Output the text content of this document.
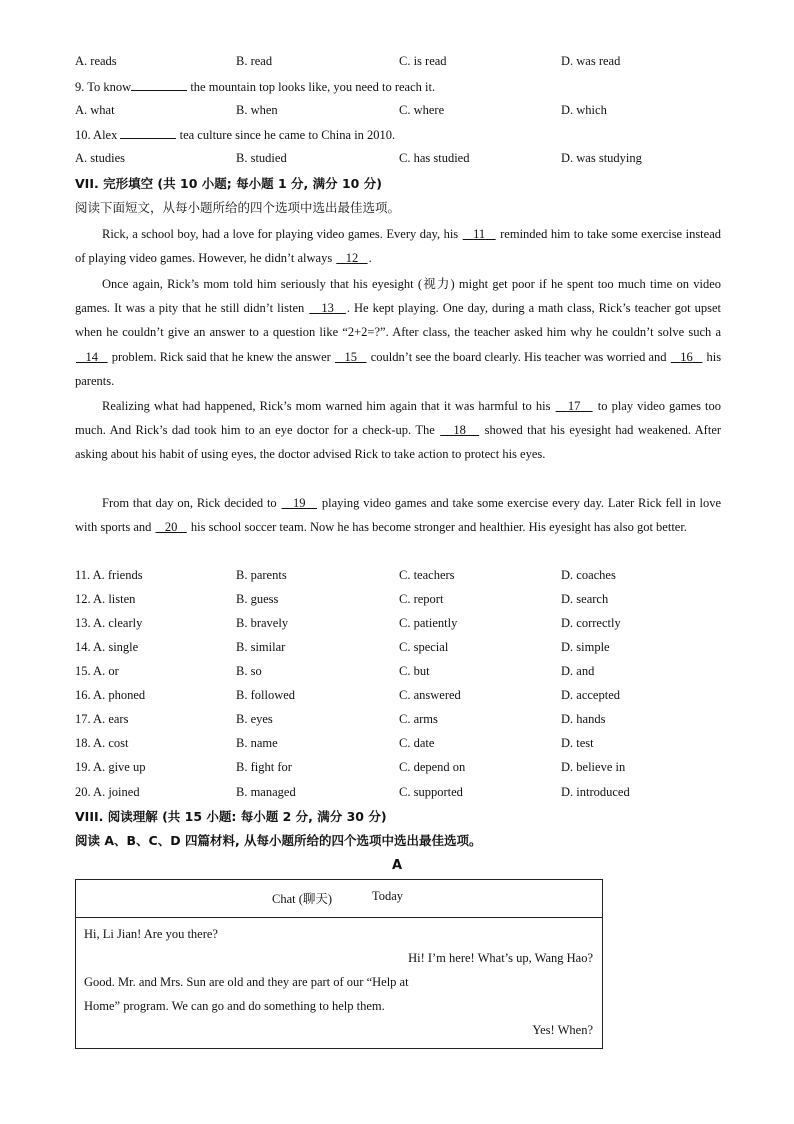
A. reads	B. read	C. is read	D. was read
9. To know	the mountain top looks like, you need to reach it.
A. what	B. when	C. where	D. which
10. Alex	tea culture since he came to China in 2010.
A. studies	B. studied	C. has studied	D. was studying
VII. 完形填空 (共 10 小题; 每小题 1 分, 满分 10 分)
阅读下面短文，从每小题所给的四个选项中选出最佳选项。
Rick, a school boy, had a love for playing video games. Every day, his 11 reminded him to take some exercise instead of playing video games. However, he didn’t always 12 .
Once again, Rick’s mom told him seriously that his eyesight (视力) might get poor if he spent too much time on video games. It was a pity that he still didn’t listen 13 . He kept playing. One day, during a math class, Rick’s teacher got upset when he couldn’t give an answer to a question like “2+2=?”. After class, the teacher asked him why he couldn’t solve such a    14 problem. Rick said that he knew the answer 15 couldn’t see the board clearly. His teacher was worried and 16 his parents.
Realizing what had happened, Rick’s mom warned him again that it was harmful to his 17 to play video games too much. And Rick’s dad took him to an eye doctor for a check-up. The 18 showed that his eyesight had weakened. After asking about his habit of using eyes, the doctor advised Rick to take action to protect his eyes.
From that day on, Rick decided to 19 playing video games and take some exercise every day. Later Rick fell in love with sports and 20 his school soccer team. Now he has become stronger and healthier. His eyesight has also got better.
11. A. friends	B. parents	C. teachers	D. coaches
12. A. listen	B. guess	C. report	D. search
13. A. clearly	B. bravely	C. patiently	D. correctly
14. A. single	B. similar	C. special	D. simple
15. A. or	B. so	C. but	D. and
16. A. phoned	B. followed	C. answered	D. accepted
17. A. ears	B. eyes	C. arms	D. hands
18. A. cost	B. name	C. date	D. test
19. A. give up	B. fight for	C. depend on	D. believe in
20. A. joined	B. managed	C. supported	D. introduced
VIII. 阅读理解 (共 15 小题: 每小题 2 分, 满分 30 分)
阅读 A、B、C、D 四篇材料, 从每小题所给的四个选项中选出最佳选项。
A
Chat (聊天)	Today
Hi, Li Jian! Are you there?
Hi! I’m here! What’s up, Wang Hao?
Good. Mr. and Mrs. Sun are old and they are part of our “Help at
Home” program. We can go and do something to help them.
Yes! When?
